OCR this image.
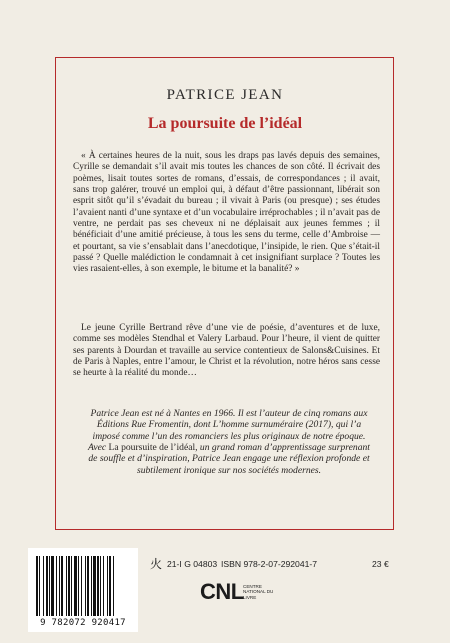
PATRICE JEAN
La poursuite de l’idéal

« À certaines heures de la nuit, sous les draps pas lavés depuis des semaines, Cyrille se demandait s’il avait mis toutes les chances de son côté. Il écrivait des poèmes, lisait toutes sortes de romans, d’essais, de correspondances ; il avait, sans trop galérer, trouvé un emploi qui, à défaut d’être passionnant, libérait son esprit sitôt qu’il s’évadait du bureau ; il vivait à Paris (ou presque) ; ses études l’avaient nanti d’une syntaxe et d’un vocabulaire irréprochables ; il n’avait pas de ventre, ne perdait pas ses cheveux ni ne déplaisait aux jeunes femmes ; il bénéficiait d’une amitié précieuse, à tous les sens du terme, celle d’Ambroise — et pourtant, sa vie s’ensablait dans l’anecdotique, l’insipide, le rien. Que s’était-il passé ? Quelle malédiction le condamnait à cet insignifiant surplace ? Toutes les vies rasaient-elles, à son exemple, le bitume et la banalité? »

Le jeune Cyrille Bertrand rêve d’une vie de poésie, d’aventures et de luxe, comme ses modèles Stendhal et Valery Larbaud. Pour l’heure, il vient de quitter ses parents à Dourdan et travaille au service contentieux de Salons&Cuisines. Et de Paris à Naples, entre l’amour, le Christ et la révolution, notre héros sans cesse se heurte à la réalité du monde…

Patrice Jean est né à Nantes en 1966. Il est l’auteur de cinq romans aux Éditions Rue Fromentin, dont L’homme surnuméraire (2017), qui l’a imposé comme l’un des romanciers les plus originaux de notre époque. Avec La poursuite de l’idéal, un grand roman d’apprentissage surprenant de souffle et d’inspiration, Patrice Jean engage une réflexion profonde et subtilement ironique sur nos sociétés modernes.

9 782072 920417
⽕ 21-I G 04803 ISBN 978-2-07-292041-7	23 €
CNL CENTRE NATIONAL DU LIVRE
